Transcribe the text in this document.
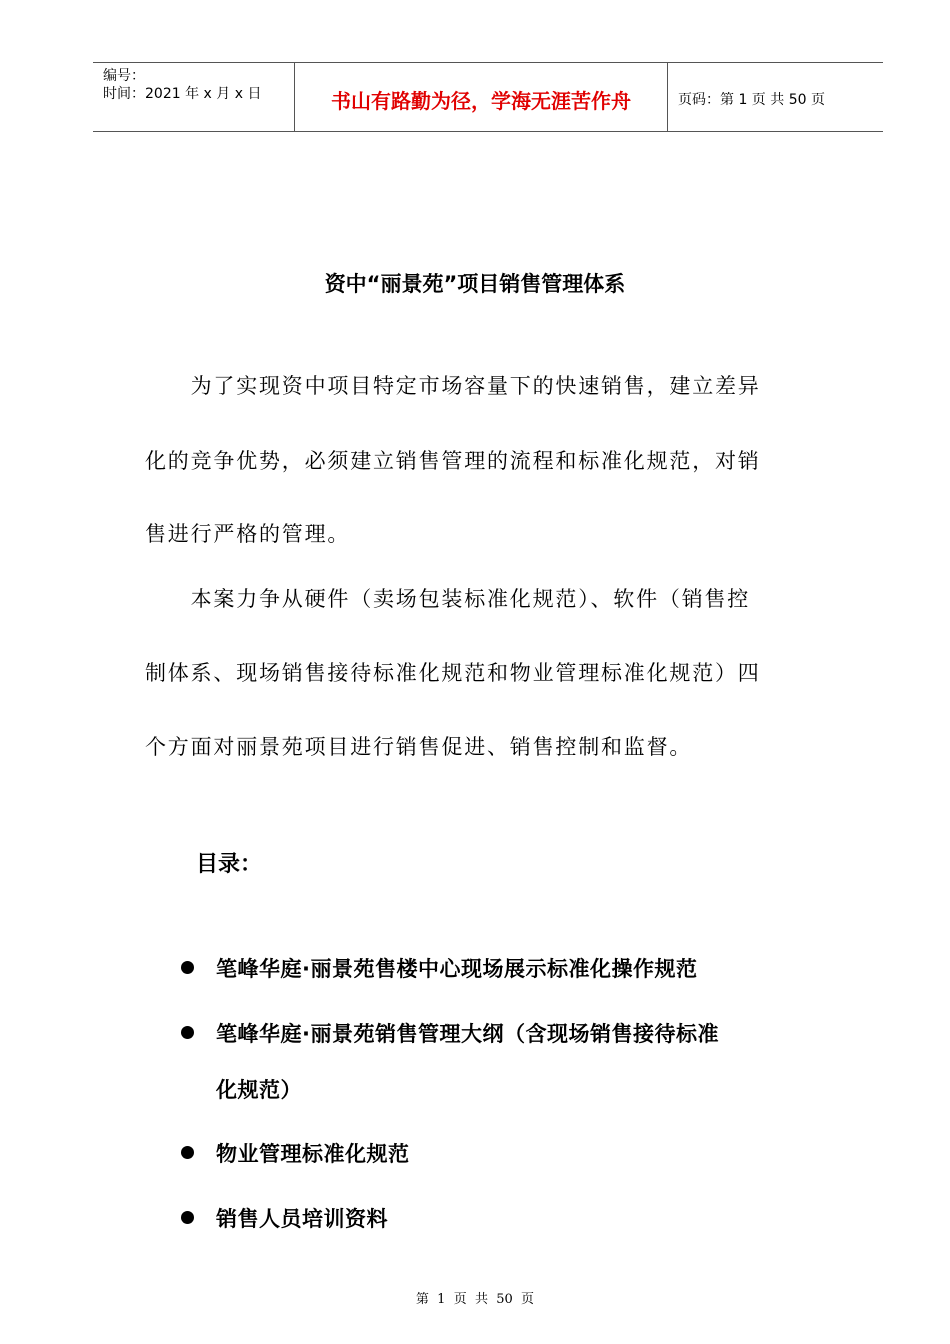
编号：
时间：2021 年 x 月 x 日	书山有路勤为径，学海无涯苦作舟	页码：第 1 页 共 50 页
资中“丽景苑”项目销售管理体系
　　为了实现资中项目特定市场容量下的快速销售，建立差异
化的竞争优势，必须建立销售管理的流程和标准化规范，对销
售进行严格的管理。
　　本案力争从硬件（卖场包装标准化规范）、软件（销售控
制体系、现场销售接待标准化规范和物业管理标准化规范）四
个方面对丽景苑项目进行销售促进、销售控制和监督。
目录：
笔峰华庭·丽景苑售楼中心现场展示标准化操作规范
笔峰华庭·丽景苑销售管理大纲（含现场销售接待标准
化规范）
物业管理标准化规范
销售人员培训资料
第  1  页  共  50  页
